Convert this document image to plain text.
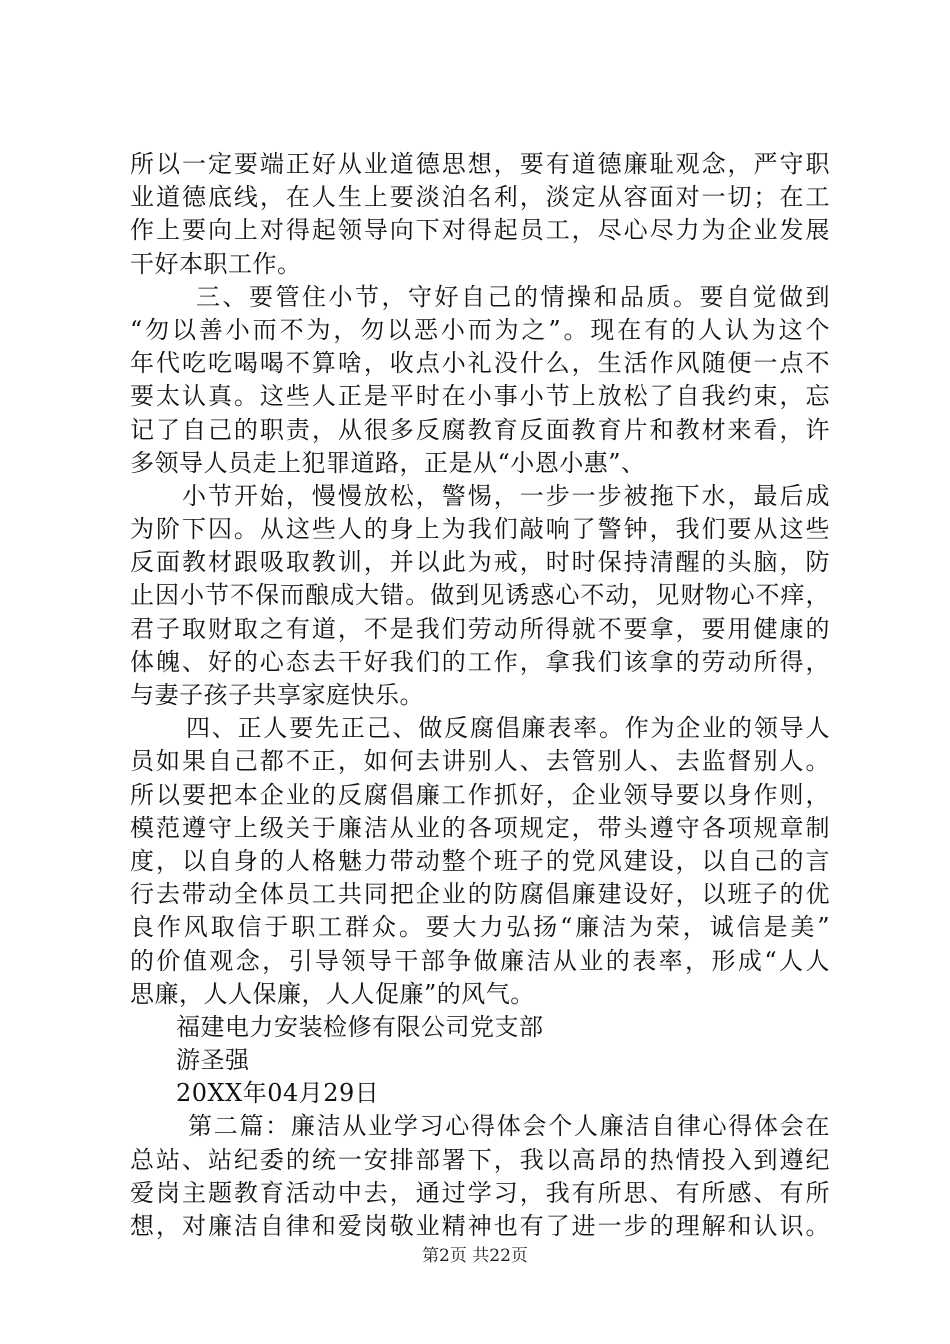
所以一定要端正好从业道德思想，要有道德廉耻观念，严守职
业道德底线，在人生上要淡泊名利，淡定从容面对一切；在工
作上要向上对得起领导向下对得起员工，尽心尽力为企业发展
干好本职工作。
三、要管住小节，守好自己的情操和品质。要自觉做到
“勿以善小而不为，勿以恶小而为之”。现在有的人认为这个
年代吃吃喝喝不算啥，收点小礼没什么，生活作风随便一点不
要太认真。这些人正是平时在小事小节上放松了自我约束，忘
记了自己的职责，从很多反腐教育反面教育片和教材来看，许
多领导人员走上犯罪道路，正是从“小恩小惠”、
小节开始，慢慢放松，警惕，一步一步被拖下水，最后成
为阶下囚。从这些人的身上为我们敲响了警钟，我们要从这些
反面教材跟吸取教训，并以此为戒，时时保持清醒的头脑，防
止因小节不保而酿成大错。做到见诱惑心不动，见财物心不痒，
君子取财取之有道，不是我们劳动所得就不要拿，要用健康的
体魄、好的心态去干好我们的工作，拿我们该拿的劳动所得，
与妻子孩子共享家庭快乐。
四、正人要先正己、做反腐倡廉表率。作为企业的领导人
员如果自己都不正，如何去讲别人、去管别人、去监督别人。
所以要把本企业的反腐倡廉工作抓好，企业领导要以身作则，
模范遵守上级关于廉洁从业的各项规定，带头遵守各项规章制
度，以自身的人格魅力带动整个班子的党风建设，以自己的言
行去带动全体员工共同把企业的防腐倡廉建设好，以班子的优
良作风取信于职工群众。要大力弘扬“廉洁为荣，诚信是美”
的价值观念，引导领导干部争做廉洁从业的表率，形成“人人
思廉，人人保廉，人人促廉”的风气。
福建电力安装检修有限公司党支部
游圣强
20XX年04月29日
第二篇：廉洁从业学习心得体会个人廉洁自律心得体会在
总站、站纪委的统一安排部署下，我以高昂的热情投入到遵纪
爱岗主题教育活动中去，通过学习，我有所思、有所感、有所
想，对廉洁自律和爱岗敬业精神也有了进一步的理解和认识。
第2页 共22页
